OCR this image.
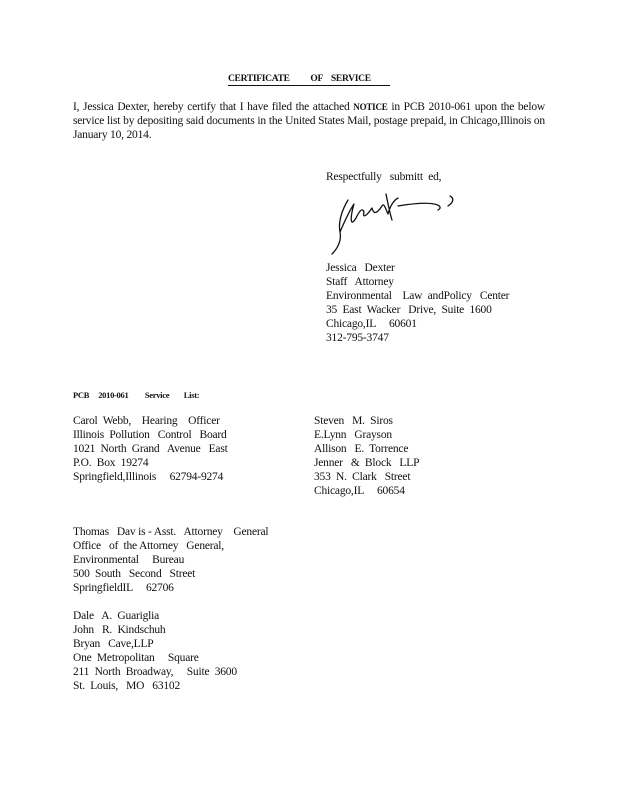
CERTIFICATE          OF    SERVICE

I, Jessica Dexter, hereby certify that I have filed the attached NOTICE in PCB 2010-061 upon the below service list by depositing said documents in the United States Mail, postage prepaid, in Chicago,Illinois on January 10, 2014.

Respectfully   submitt  ed,
Jessica   Dexter
Staff   Attorney
Environmental    Law  andPolicy   Center
35  East  Wacker   Drive,  Suite  1600
Chicago,IL     60601
312-795-3747
PCB     2010-061         Service        List:
Carol  Webb,    Hearing    Officer
Illinois  Pollution   Control   Board
1021  North  Grand   Avenue   East
P.O.  Box  19274
Springfield,Illinois     62794-9274
Steven   M.  Siros
E.Lynn   Grayson
Allison   E.  Torrence
Jenner   &  Block   LLP
353  N.  Clark   Street
Chicago,IL     60654
Thomas   Dav is - Asst.   Attorney    General
Office   of  the Attorney   General,
Environmental     Bureau
500  South   Second   Street
SpringfieldIL     62706
Dale   A.  Guariglia
John   R.  Kindschuh
Bryan   Cave,LLP
One  Metropolitan     Square
211  North  Broadway,     Suite  3600
St.  Louis,   MO   63102
